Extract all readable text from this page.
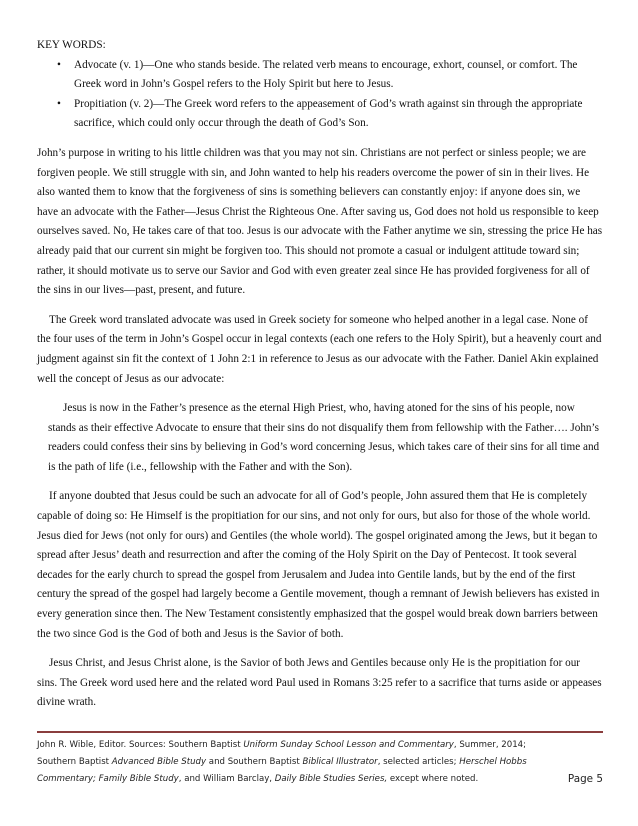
KEY WORDS:

• Advocate (v. 1)—One who stands beside. The related verb means to encourage, exhort, counsel, or comfort. The Greek word in John’s Gospel refers to the Holy Spirit but here to Jesus.
• Propitiation (v. 2)—The Greek word refers to the appeasement of God’s wrath against sin through the appropriate sacrifice, which could only occur through the death of God’s Son.

John’s purpose in writing to his little children was that you may not sin. Christians are not perfect or sinless people; we are forgiven people. We still struggle with sin, and John wanted to help his readers overcome the power of sin in their lives. He also wanted them to know that the forgiveness of sins is something believers can constantly enjoy: if anyone does sin, we have an advocate with the Father—Jesus Christ the Righteous One. After saving us, God does not hold us responsible to keep ourselves saved. No, He takes care of that too. Jesus is our advocate with the Father anytime we sin, stressing the price He has already paid that our current sin might be forgiven too. This should not promote a casual or indulgent attitude toward sin; rather, it should motivate us to serve our Savior and God with even greater zeal since He has provided forgiveness for all of the sins in our lives—past, present, and future.

The Greek word translated advocate was used in Greek society for someone who helped another in a legal case. None of the four uses of the term in John’s Gospel occur in legal contexts (each one refers to the Holy Spirit), but a heavenly court and judgment against sin fit the context of 1 John 2:1 in reference to Jesus as our advocate with the Father. Daniel Akin explained well the concept of Jesus as our advocate:

Jesus is now in the Father’s presence as the eternal High Priest, who, having atoned for the sins of his people, now stands as their effective Advocate to ensure that their sins do not disqualify them from fellowship with the Father…. John’s readers could confess their sins by believing in God’s word concerning Jesus, which takes care of their sins for all time and is the path of life (i.e., fellowship with the Father and with the Son).

If anyone doubted that Jesus could be such an advocate for all of God’s people, John assured them that He is completely capable of doing so: He Himself is the propitiation for our sins, and not only for ours, but also for those of the whole world. Jesus died for Jews (not only for ours) and Gentiles (the whole world). The gospel originated among the Jews, but it began to spread after Jesus’ death and resurrection and after the coming of the Holy Spirit on the Day of Pentecost. It took several decades for the early church to spread the gospel from Jerusalem and Judea into Gentile lands, but by the end of the first century the spread of the gospel had largely become a Gentile movement, though a remnant of Jewish believers has existed in every generation since then. The New Testament consistently emphasized that the gospel would break down barriers between the two since God is the God of both and Jesus is the Savior of both.

Jesus Christ, and Jesus Christ alone, is the Savior of both Jews and Gentiles because only He is the propitiation for our sins. The Greek word used here and the related word Paul used in Romans 3:25 refer to a sacrifice that turns aside or appeases divine wrath.

John R. Wible, Editor. Sources: Southern Baptist Uniform Sunday School Lesson and Commentary, Summer, 2014; Southern Baptist Advanced Bible Study and Southern Baptist Biblical Illustrator, selected articles; Herschel Hobbs Commentary; Family Bible Study, and William Barclay, Daily Bible Studies Series, except where noted.	Page 5
